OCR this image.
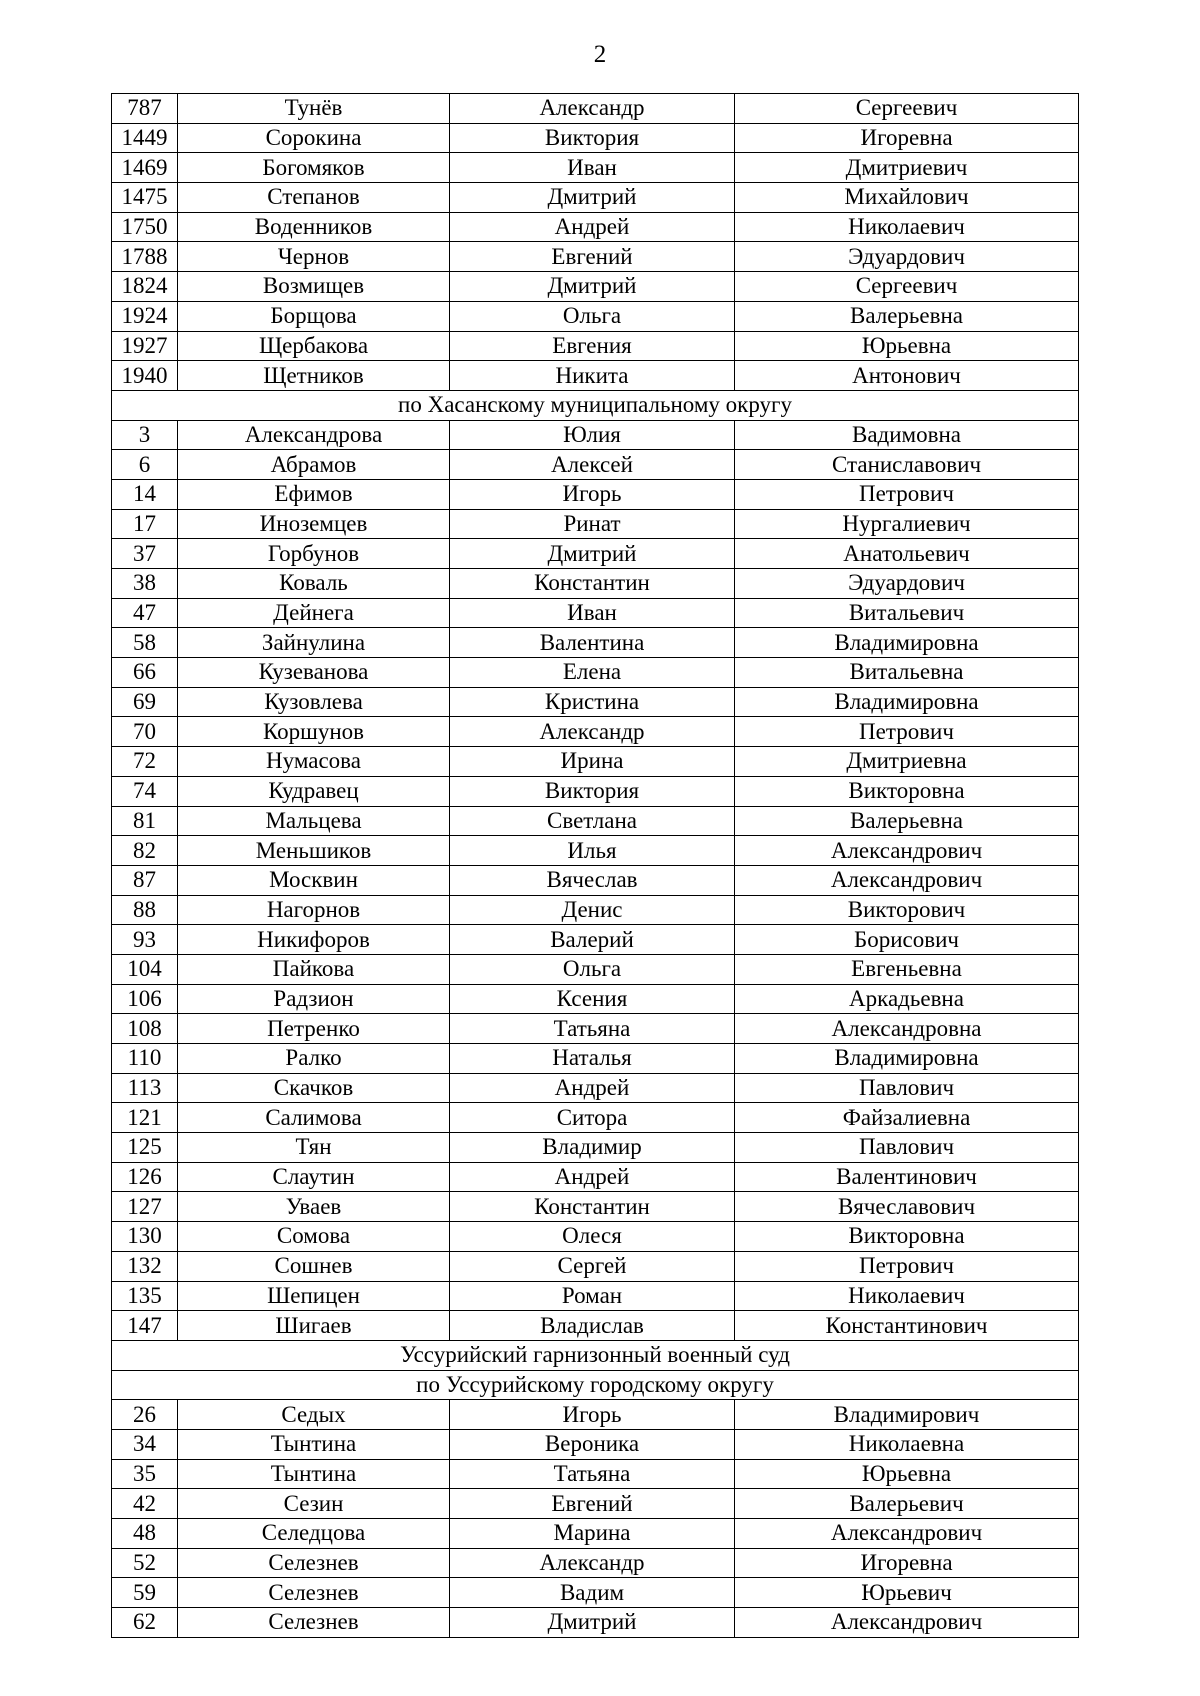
2
787	Тунёв	Александр	Сергеевич
1449	Сорокина	Виктория	Игоревна
1469	Богомяков	Иван	Дмитриевич
1475	Степанов	Дмитрий	Михайлович
1750	Воденников	Андрей	Николаевич
1788	Чернов	Евгений	Эдуардович
1824	Возмищев	Дмитрий	Сергеевич
1924	Борщова	Ольга	Валерьевна
1927	Щербакова	Евгения	Юрьевна
1940	Щетников	Никита	Антонович
по Хасанскому муниципальному округу			
3	Александрова	Юлия	Вадимовна
6	Абрамов	Алексей	Станиславович
14	Ефимов	Игорь	Петрович
17	Иноземцев	Ринат	Нургалиевич
37	Горбунов	Дмитрий	Анатольевич
38	Коваль	Константин	Эдуардович
47	Дейнега	Иван	Витальевич
58	Зайнулина	Валентина	Владимировна
66	Кузеванова	Елена	Витальевна
69	Кузовлева	Кристина	Владимировна
70	Коршунов	Александр	Петрович
72	Нумасова	Ирина	Дмитриевна
74	Кудравец	Виктория	Викторовна
81	Мальцева	Светлана	Валерьевна
82	Меньшиков	Илья	Александрович
87	Москвин	Вячеслав	Александрович
88	Нагорнов	Денис	Викторович
93	Никифоров	Валерий	Борисович
104	Пайкова	Ольга	Евгеньевна
106	Радзион	Ксения	Аркадьевна
108	Петренко	Татьяна	Александровна
110	Ралко	Наталья	Владимировна
113	Скачков	Андрей	Павлович
121	Салимова	Ситора	Файзалиевна
125	Тян	Владимир	Павлович
126	Слаутин	Андрей	Валентинович
127	Уваев	Константин	Вячеславович
130	Сомова	Олеся	Викторовна
132	Сошнев	Сергей	Петрович
135	Шепицен	Роман	Николаевич
147	Шигаев	Владислав	Константинович
Уссурийский гарнизонный военный суд			
по Уссурийскому городскому округу			
26	Седых	Игорь	Владимирович
34	Тынтина	Вероника	Николаевна
35	Тынтина	Татьяна	Юрьевна
42	Сезин	Евгений	Валерьевич
48	Селедцова	Марина	Александрович
52	Селезнев	Александр	Игоревна
59	Селезнев	Вадим	Юрьевич
62	Селезнев	Дмитрий	Александрович
